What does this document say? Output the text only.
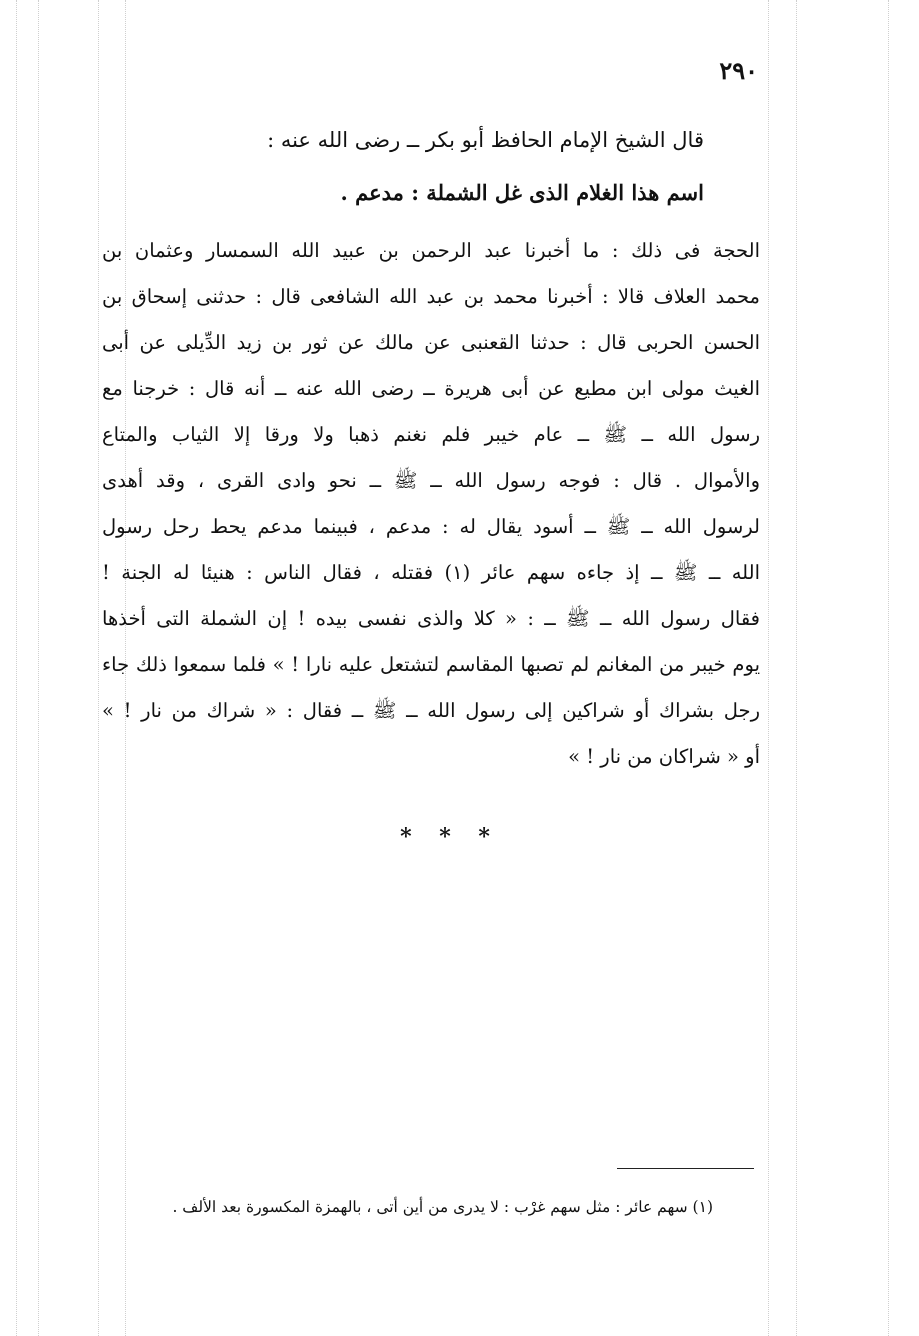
٢٩٠
قال الشيخ الإمام الحافظ أبو بكر ــ رضى الله عنه :
اسم هذا الغلام الذى غل الشملة : مدعم .
الحجة فى ذلك : ما أخبرنا عبد الرحمن بن عبيد الله السمسار وعثمان بن
محمد العلاف قالا : أخبرنا محمد بن عبد الله الشافعى قال : حدثنى إسحاق بن
الحسن الحربى قال : حدثنا القعنبى عن مالك عن ثور بن زيد الدِّيلى عن أبى
الغيث مولى ابن مطيع عن أبى هريرة ــ رضى الله عنه ــ أنه قال : خرجنا مع
رسول الله ــ ﷺ ــ عام خيبر فلم نغنم ذهبا ولا ورقا إلا الثياب والمتاع
والأموال . قال : فوجه رسول الله ــ ﷺ ــ نحو وادى القرى ، وقد أهدى
لرسول الله ــ ﷺ ــ أسود يقال له : مدعم ، فبينما مدعم يحط رحل رسول
الله ــ ﷺ ــ إذ جاءه سهم عائر (١) فقتله ، فقال الناس : هنيئا له الجنة !
فقال رسول الله ــ ﷺ ــ : « كلا والذى نفسى بيده ! إن الشملة التى أخذها
يوم خيبر من المغانم لم تصبها المقاسم لتشتعل عليه نارا ! » فلما سمعوا ذلك جاء
رجل بشراك أو شراكين إلى رسول الله ــ ﷺ ــ فقال : « شراك من نار ! »
أو « شراكان من نار ! »
* * *
(١) سهم عائر : مثل سهم غرْب : لا يدرى من أين أتى ، بالهمزة المكسورة بعد الألف .
